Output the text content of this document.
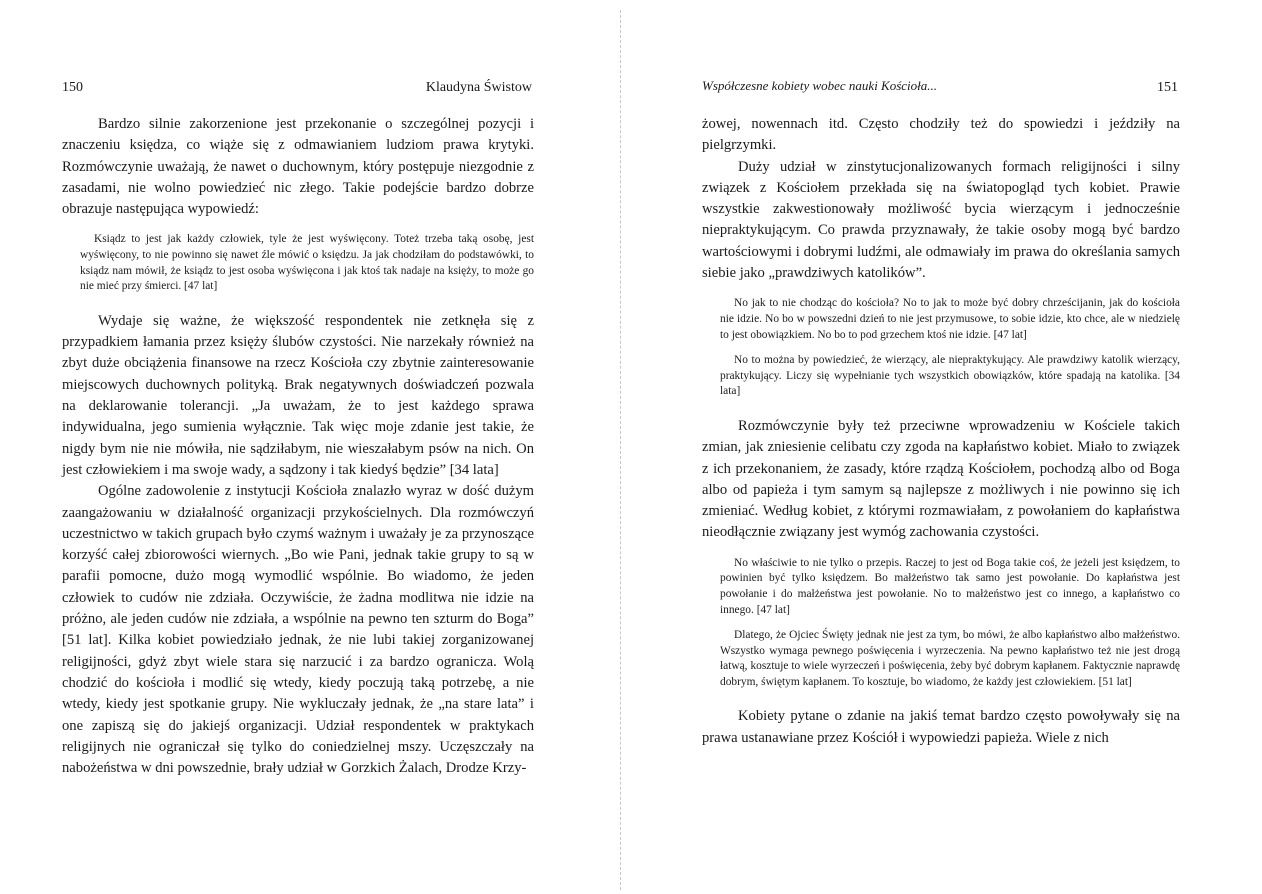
150	Klaudyna Świstow

Bardzo silnie zakorzenione jest przekonanie o szczególnej pozycji i znaczeniu księdza, co wiąże się z odmawianiem ludziom prawa krytyki. Rozmówczynie uważają, że nawet o duchownym, który postępuje niezgodnie z zasadami, nie wolno powiedzieć nic złego. Takie podejście bardzo dobrze obrazuje następująca wypowiedź:

Ksiądz to jest jak każdy człowiek, tyle że jest wyświęcony. Toteż trzeba taką osobę, jest wyświęcony, to nie powinno się nawet źle mówić o księdzu. Ja jak chodziłam do podstawówki, to ksiądz nam mówił, że ksiądz to jest osoba wyświęcona i jak ktoś tak nadaje na księży, to może go nie mieć przy śmierci. [47 lat]

Wydaje się ważne, że większość respondentek nie zetknęła się z przypadkiem łamania przez księży ślubów czystości. Nie narzekały również na zbyt duże obciążenia finansowe na rzecz Kościoła czy zbytnie zainteresowanie miejscowych duchownych polityką. Brak negatywnych doświadczeń pozwala na deklarowanie tolerancji. „Ja uważam, że to jest każdego sprawa indywidualna, jego sumienia wyłącznie. Tak więc moje zdanie jest takie, że nigdy bym nie nie mówiła, nie sądziłabym, nie wieszałabym psów na nich. On jest człowiekiem i ma swoje wady, a sądzony i tak kiedyś będzie” [34 lata]

Ogólne zadowolenie z instytucji Kościoła znalazło wyraz w dość dużym zaangażowaniu w działalność organizacji przykościelnych. Dla rozmówczyń uczestnictwo w takich grupach było czymś ważnym i uważały je za przynoszące korzyść całej zbiorowości wiernych. „Bo wie Pani, jednak takie grupy to są w parafii pomocne, dużo mogą wymodlić wspólnie. Bo wiadomo, że jeden człowiek to cudów nie zdziała. Oczywiście, że żadna modlitwa nie idzie na próżno, ale jeden cudów nie zdziała, a wspólnie na pewno ten szturm do Boga” [51 lat]. Kilka kobiet powiedziało jednak, że nie lubi takiej zorganizowanej religijności, gdyż zbyt wiele stara się narzucić i za bardzo ogranicza. Wolą chodzić do kościoła i modlić się wtedy, kiedy poczują taką potrzebę, a nie wtedy, kiedy jest spotkanie grupy. Nie wykluczały jednak, że „na stare lata” i one zapiszą się do jakiejś organizacji. Udział respondentek w praktykach religijnych nie ograniczał się tylko do coniedzielnej mszy. Uczęszczały na nabożeństwa w dni powszednie, brały udział w Gorzkich Żalach, Drodze Krzy-

Współczesne kobiety wobec nauki Kościoła...	151

żowej, nowennach itd. Często chodziły też do spowiedzi i jeździły na pielgrzymki.

Duży udział w zinstytucjonalizowanych formach religijności i silny związek z Kościołem przekłada się na światopogląd tych kobiet. Prawie wszystkie zakwestionowały możliwość bycia wierzącym i jednocześnie niepraktykującym. Co prawda przyznawały, że takie osoby mogą być bardzo wartościowymi i dobrymi ludźmi, ale odmawiały im prawa do określania samych siebie jako „prawdziwych katolików”.

No jak to nie chodząc do kościoła? No to jak to może być dobry chrześcijanin, jak do kościoła nie idzie. No bo w powszedni dzień to nie jest przymusowe, to sobie idzie, kto chce, ale w niedzielę to jest obowiązkiem. No bo to pod grzechem ktoś nie idzie. [47 lat]

No to można by powiedzieć, że wierzący, ale niepraktykujący. Ale prawdziwy katolik wierzący, praktykujący. Liczy się wypełnianie tych wszystkich obowiązków, które spadają na katolika. [34 lata]

Rozmówczynie były też przeciwne wprowadzeniu w Kościele takich zmian, jak zniesienie celibatu czy zgoda na kapłaństwo kobiet. Miało to związek z ich przekonaniem, że zasady, które rządzą Kościołem, pochodzą albo od Boga albo od papieża i tym samym są najlepsze z możliwych i nie powinno się ich zmieniać. Według kobiet, z którymi rozmawiałam, z powołaniem do kapłaństwa nieodłącznie związany jest wymóg zachowania czystości.

No właściwie to nie tylko o przepis. Raczej to jest od Boga takie coś, że jeżeli jest księdzem, to powinien być tylko księdzem. Bo małżeństwo tak samo jest powołanie. Do kapłaństwa jest powołanie i do małżeństwa jest powołanie. No to małżeństwo jest co innego, a kapłaństwo co innego. [47 lat]

Dlatego, że Ojciec Święty jednak nie jest za tym, bo mówi, że albo kapłaństwo albo małżeństwo. Wszystko wymaga pewnego poświęcenia i wyrzeczenia. Na pewno kapłaństwo też nie jest drogą łatwą, kosztuje to wiele wyrzeczeń i poświęcenia, żeby być dobrym kapłanem. Faktycznie naprawdę dobrym, świętym kapłanem. To kosztuje, bo wiadomo, że każdy jest człowiekiem. [51 lat]

Kobiety pytane o zdanie na jakiś temat bardzo często powoływały się na prawa ustanawiane przez Kościół i wypowiedzi papieża. Wiele z nich
